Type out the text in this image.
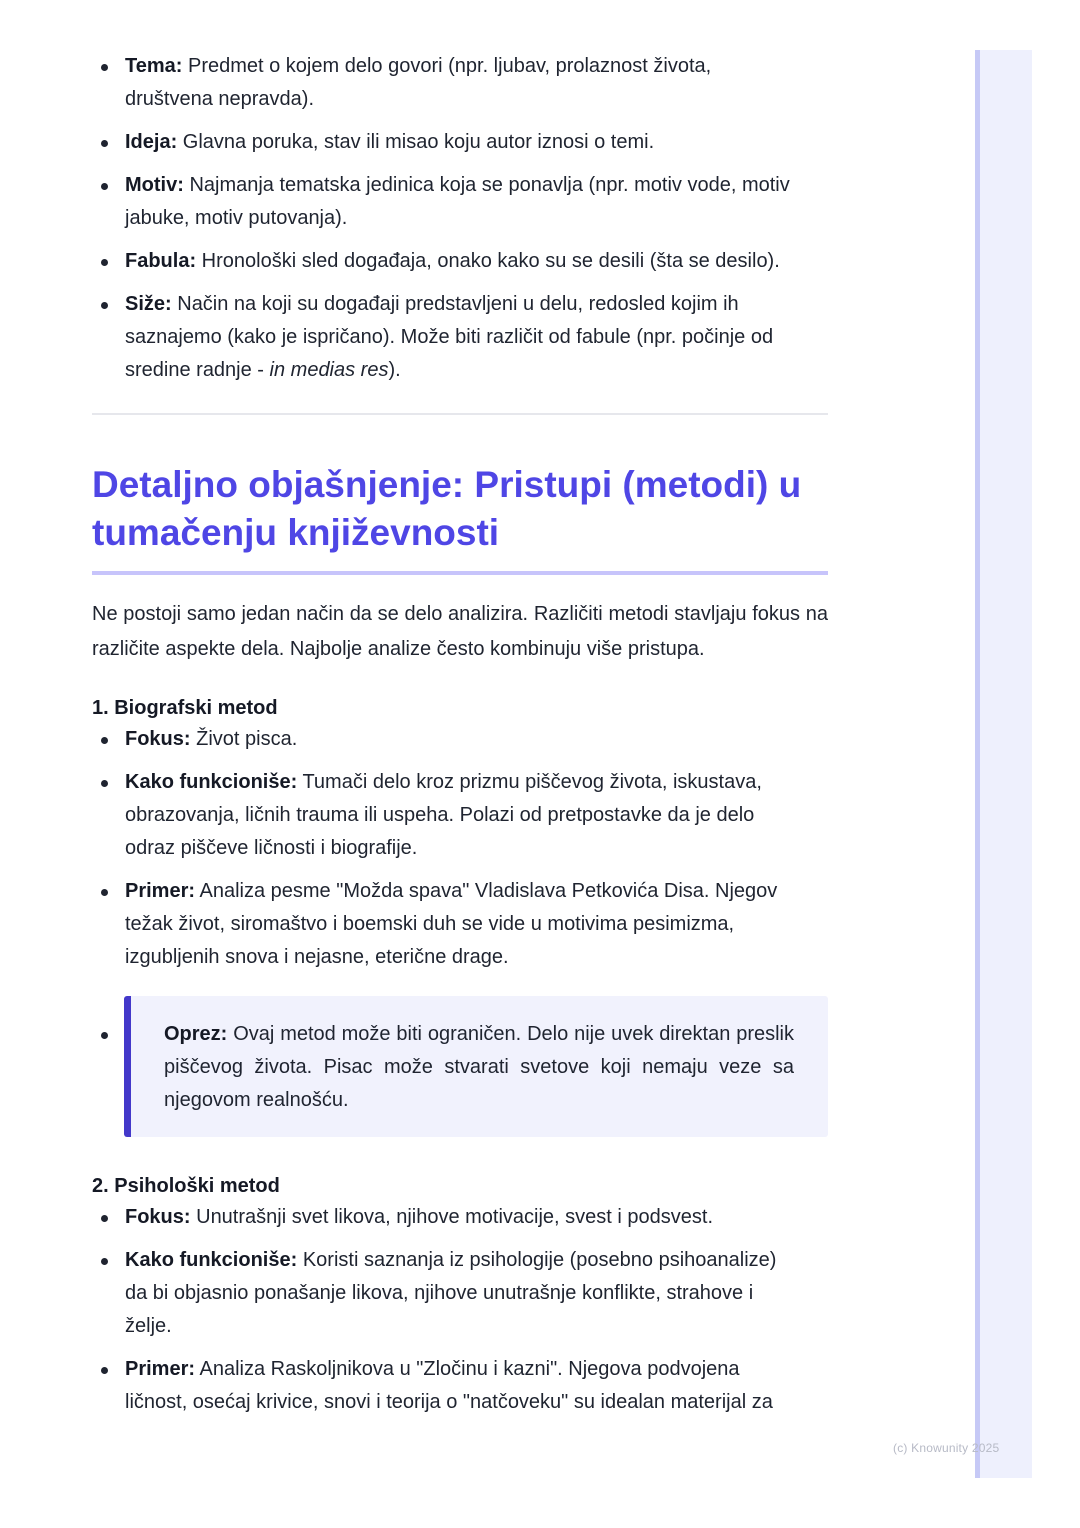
Tema: Predmet o kojem delo govori (npr. ljubav, prolaznost života,
društvena nepravda).
Ideja: Glavna poruka, stav ili misao koju autor iznosi o temi.
Motiv: Najmanja tematska jedinica koja se ponavlja (npr. motiv vode, motiv
jabuke, motiv putovanja).
Fabula: Hronološki sled događaja, onako kako su se desili (šta se desilo).
Siže: Način na koji su događaji predstavljeni u delu, redosled kojim ih
saznajemo (kako je ispričano). Može biti različit od fabule (npr. počinje od
sredine radnje - in medias res).
Detaljno objašnjenje: Pristupi (metodi) u tumačenju književnosti

Ne postoji samo jedan način da se delo analizira. Različiti metodi stavljaju fokus na različite aspekte dela. Najbolje analize često kombinuju više pristupa.

1. Biografski metod
Fokus: Život pisca.
Kako funkcioniše: Tumači delo kroz prizmu piščevog života, iskustava,
obrazovanja, ličnih trauma ili uspeha. Polazi od pretpostavke da je delo
odraz piščeve ličnosti i biografije.
Primer: Analiza pesme "Možda spava" Vladislava Petkovića Disa. Njegov
težak život, siromaštvo i boemski duh se vide u motivima pesimizma,
izgubljenih snova i nejasne, eterične drage.
Oprez: Ovaj metod može biti ograničen. Delo nije uvek direktan preslik piščevog života. Pisac može stvarati svetove koji nemaju veze sa njegovom realnošću.
2. Psihološki metod
Fokus: Unutrašnji svet likova, njihove motivacije, svest i podsvest.
Kako funkcioniše: Koristi saznanja iz psihologije (posebno psihoanalize)
da bi objasnio ponašanje likova, njihove unutrašnje konflikte, strahove i
želje.
Primer: Analiza Raskoljnikova u "Zločinu i kazni". Njegova podvojena
ličnost, osećaj krivice, snovi i teorija o "natčoveku" su idealan materijal za
(c) Knowunity 2025
